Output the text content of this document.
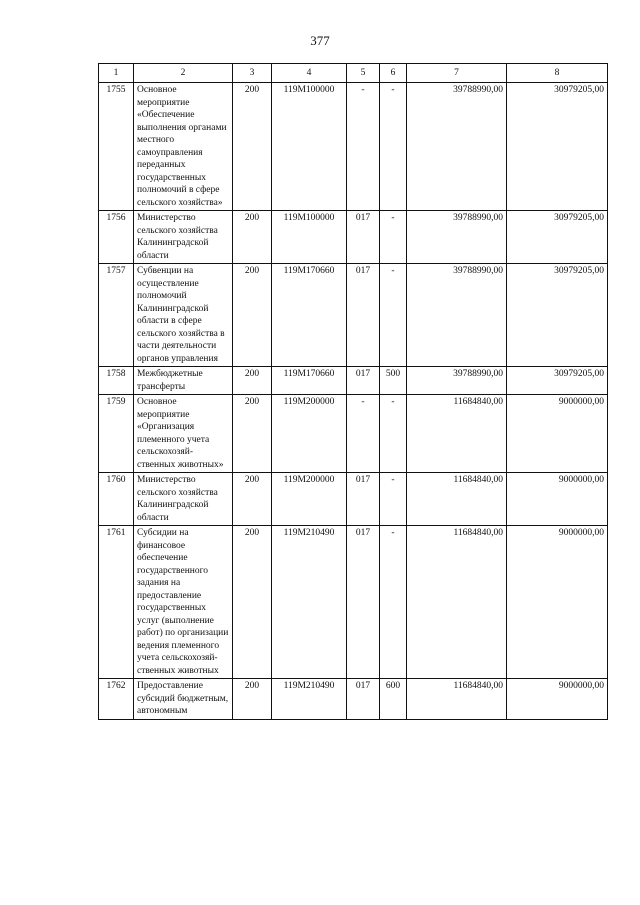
377
1	2	3	4	5	6	7	8
1755	Основное мероприятие «Обеспечение выполнения органами местного самоуправления переданных государственных полномочий в сфере сельского хозяйства»	200	119М100000	-	-	39788990,00	30979205,00
1756	Министерство сельского хозяйства Калининградской области	200	119М100000	017	-	39788990,00	30979205,00
1757	Субвенции на осуществление полномочий Калининградской области в сфере сельского хозяйства в части деятельности органов управления	200	119М170660	017	-	39788990,00	30979205,00
1758	Межбюджетные трансферты	200	119М170660	017	500	39788990,00	30979205,00
1759	Основное мероприятие «Организация племенного учета сельскохозяй-ственных животных»	200	119М200000	-	-	11684840,00	9000000,00
1760	Министерство сельского хозяйства Калининградской области	200	119М200000	017	-	11684840,00	9000000,00
1761	Субсидии на финансовое обеспечение государственного задания на предоставление государственных услуг (выполнение работ) по организации ведения племенного учета сельскохозяй-ственных животных	200	119М210490	017	-	11684840,00	9000000,00
1762	Предоставление субсидий бюджетным, автономным	200	119М210490	017	600	11684840,00	9000000,00
